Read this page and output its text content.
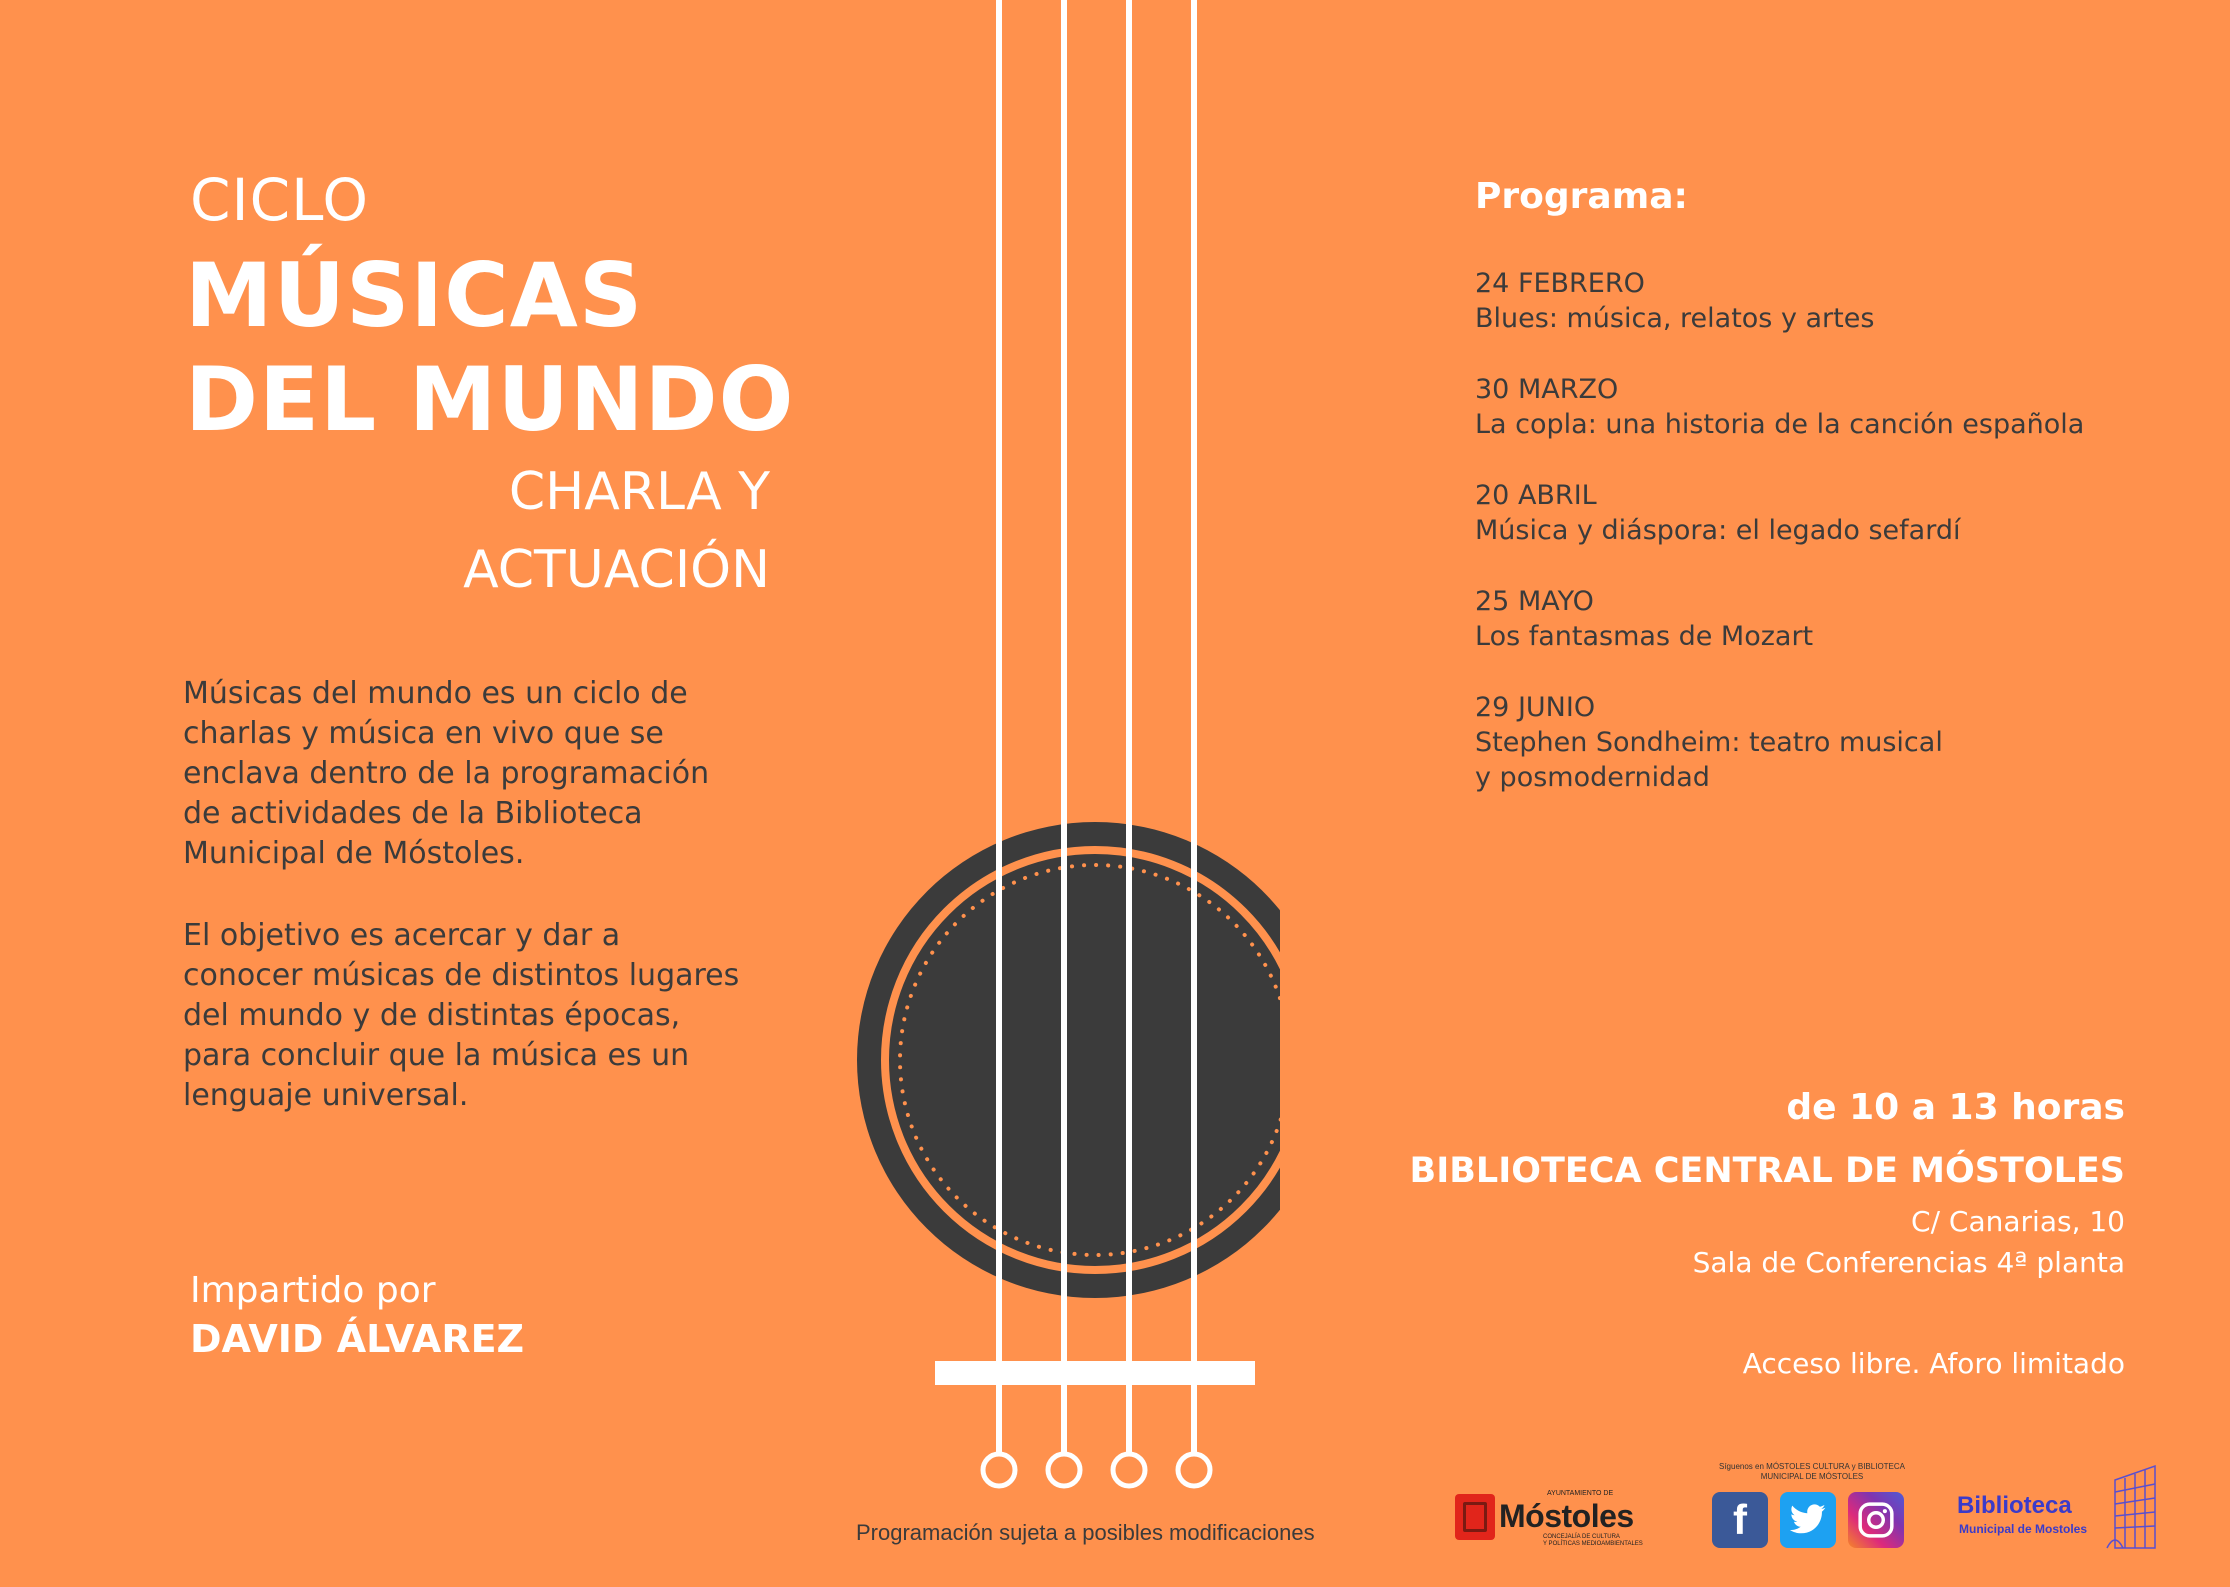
CICLO
MÚSICAS
DEL MUNDO
CHARLA Y
ACTUACIÓN
Músicas del mundo es un ciclo de charlas y música en vivo que se enclava dentro de la programación de actividades de la Biblioteca Municipal de Móstoles.
El objetivo es acercar y dar a conocer músicas de distintos lugares del mundo y de distintas épocas, para concluir que la música es un lenguaje universal.
Impartido por
DAVID ÁLVAREZ
Programa:
24 FEBRERO
Blues: música, relatos y artes
30 MARZO
La copla: una historia de la canción española
20 ABRIL
Música y diáspora: el legado sefardí
25 MAYO
Los fantasmas de Mozart
29 JUNIO
Stephen Sondheim: teatro musical
y posmodernidad
de 10 a 13 horas
BIBLIOTECA CENTRAL DE MÓSTOLES
C/ Canarias, 10
Sala de Conferencias 4ª planta
Acceso libre. Aforo limitado
Programación sujeta a posibles modificaciones
AYUNTAMIENTO DE
Móstoles
CONCEJALÍA DE CULTURA
Y POLÍTICAS MEDIOAMBIENTALES
Síguenos en MÓSTOLES CULTURA y BIBLIOTECA MUNICIPAL DE MÓSTOLES
f	Biblioteca
Municipal de Mostoles
